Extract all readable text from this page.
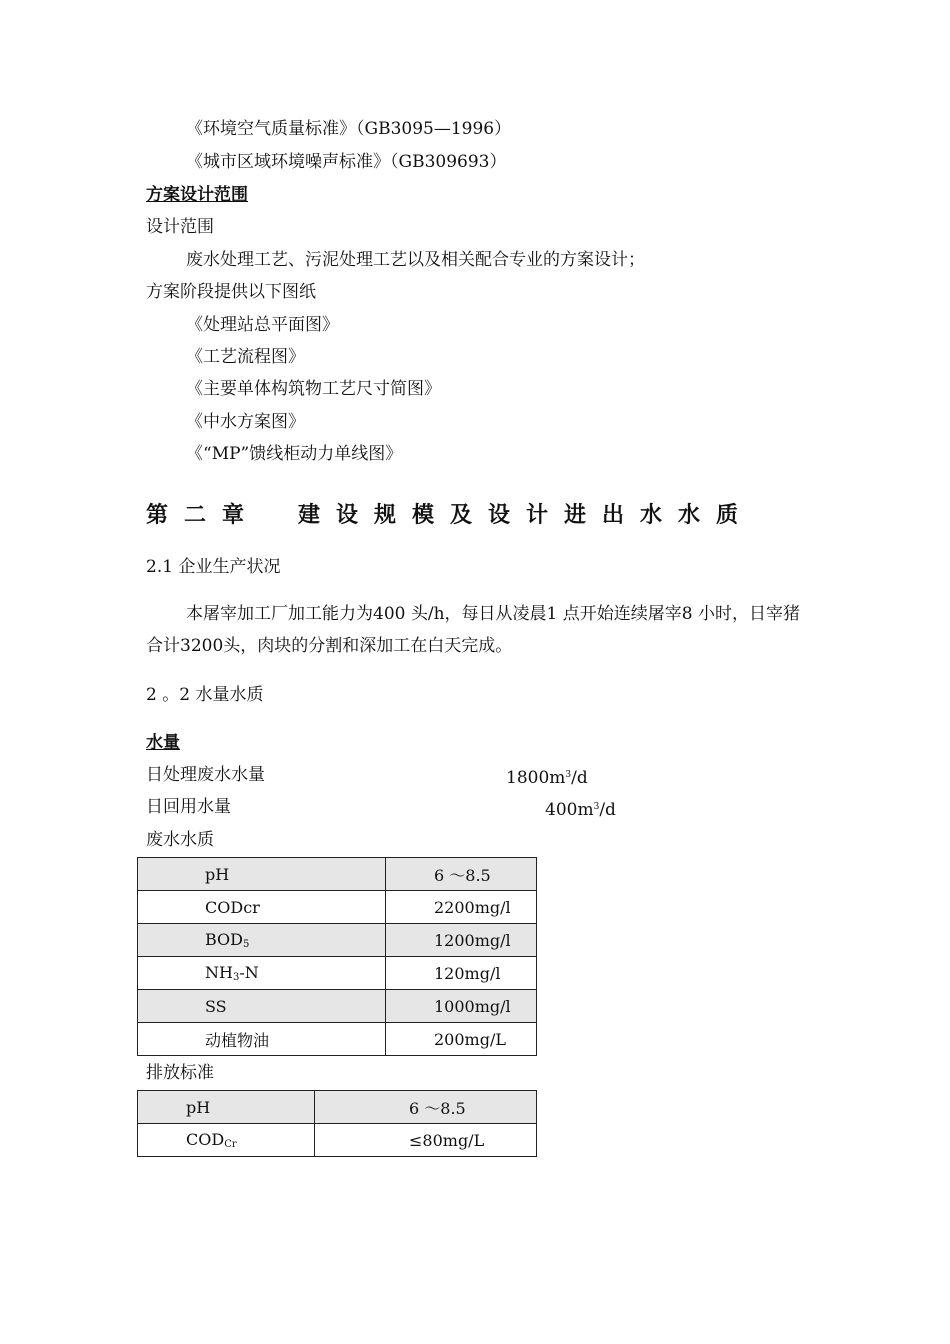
《环境空气质量标准》（GB3095—1996）
《城市区域环境噪声标准》（GB309693）
方案设计范围
设计范围
废水处理工艺、污泥处理工艺以及相关配合专业的方案设计；
方案阶段提供以下图纸
《处理站总平面图》
《工艺流程图》
《主要单体构筑物工艺尺寸简图》
《中水方案图》
《“MP”馈线柜动力单线图》
第二章　建设规模及设计进出水水质
2.1 企业生产状况
本屠宰加工厂加工能力为400 头/h，每日从凌晨1 点开始连续屠宰8 小时，日宰猪合计3200头，肉块的分割和深加工在白天完成。
2 。2 水量水质
水量
日处理废水水量	$1800m^3/d$
日回用水量	$400m^3/d$
废水水质
pH	6 ～8.5
CODcr	2200mg/l
$BOD_5$	1200mg/l
$NH_3-N$	120mg/l
SS	1000mg/l
动植物油	200mg/L
排放标准
pH	6 ～8.5
$COD_{Cr}$	≤80mg/L
